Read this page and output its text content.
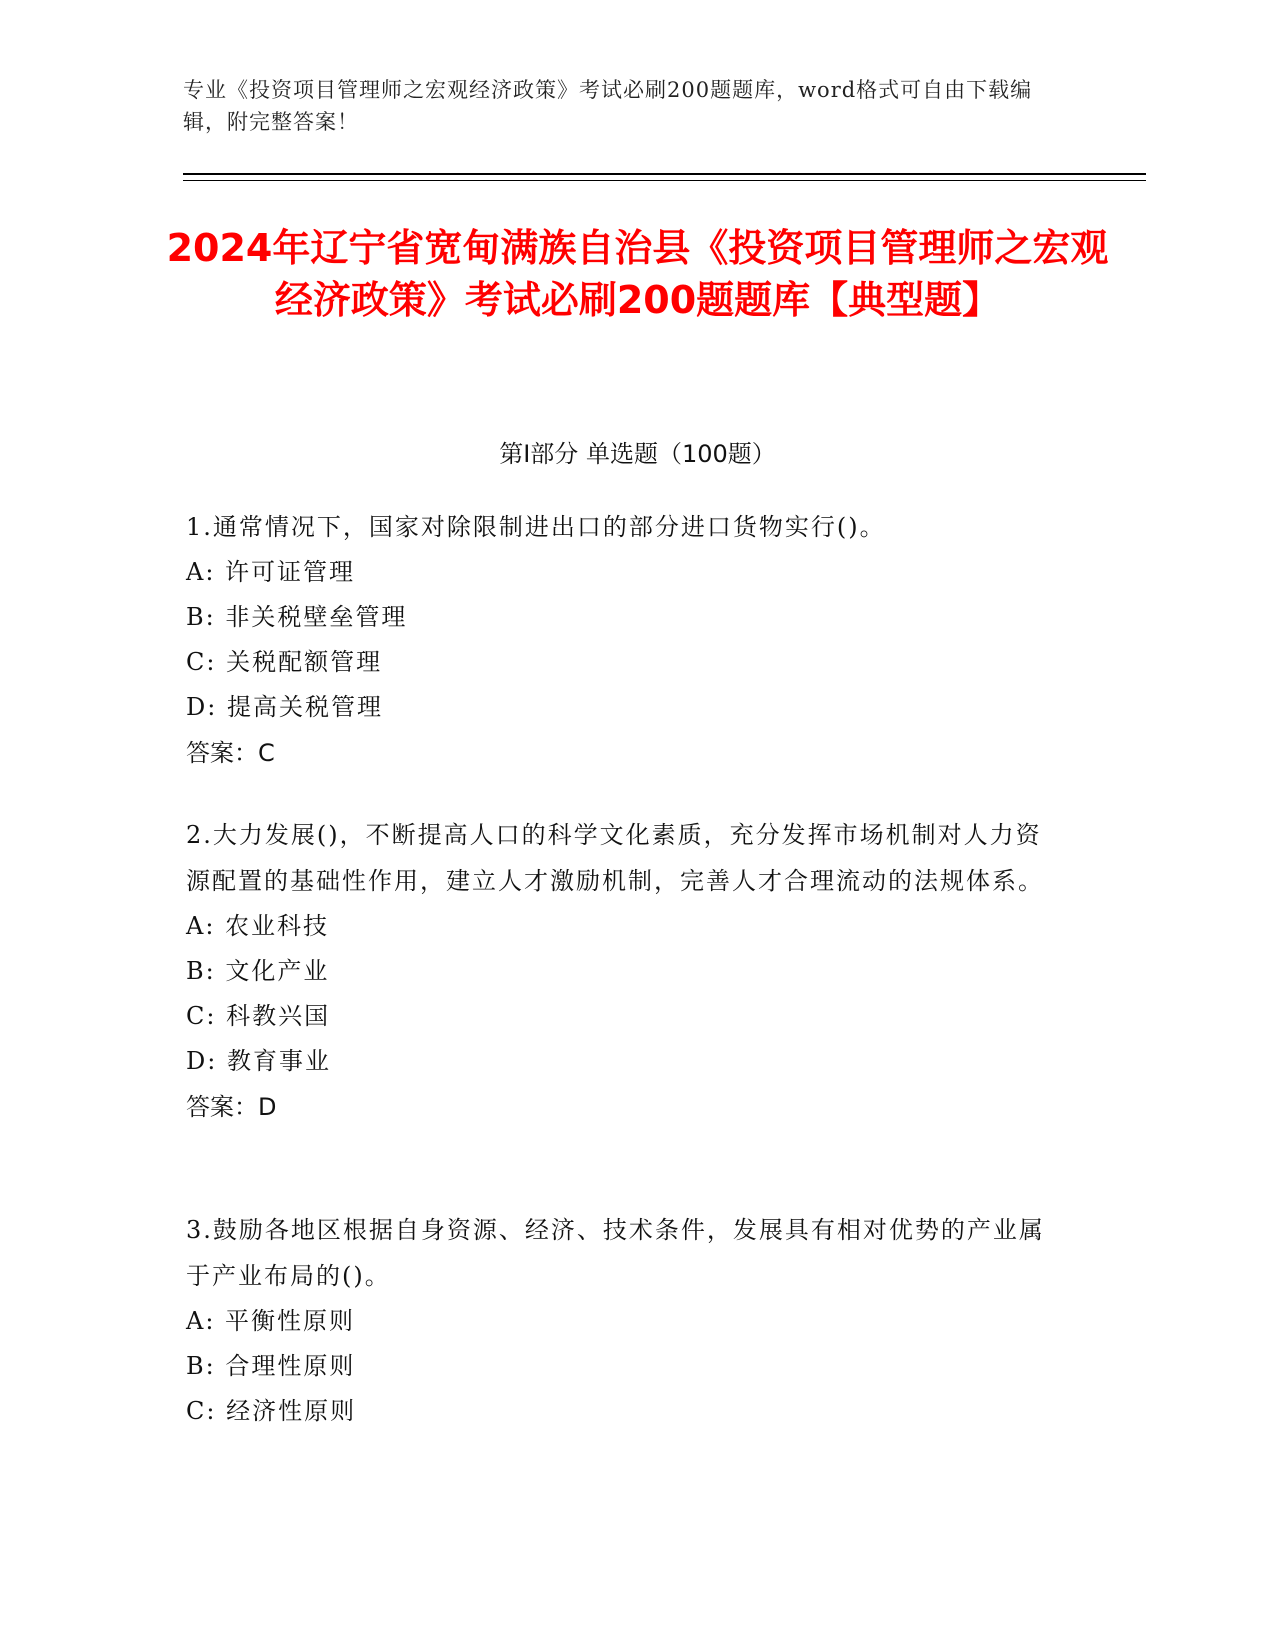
专业《投资项目管理师之宏观经济政策》考试必刷200题题库，word格式可自由下载编辑，附完整答案！
2024年辽宁省宽甸满族自治县《投资项目管理师之宏观经济政策》考试必刷200题题库【典型题】
第Ⅰ部分 单选题（100题）
1.通常情况下，国家对除限制进出口的部分进口货物实行()。
A: 许可证管理
B: 非关税壁垒管理
C: 关税配额管理
D: 提高关税管理
答案：C
2.大力发展()，不断提高人口的科学文化素质，充分发挥市场机制对人力资源配置的基础性作用，建立人才激励机制，完善人才合理流动的法规体系。
A: 农业科技
B: 文化产业
C: 科教兴国
D: 教育事业
答案：D
3.鼓励各地区根据自身资源、经济、技术条件，发展具有相对优势的产业属于产业布局的()。
A: 平衡性原则
B: 合理性原则
C: 经济性原则
